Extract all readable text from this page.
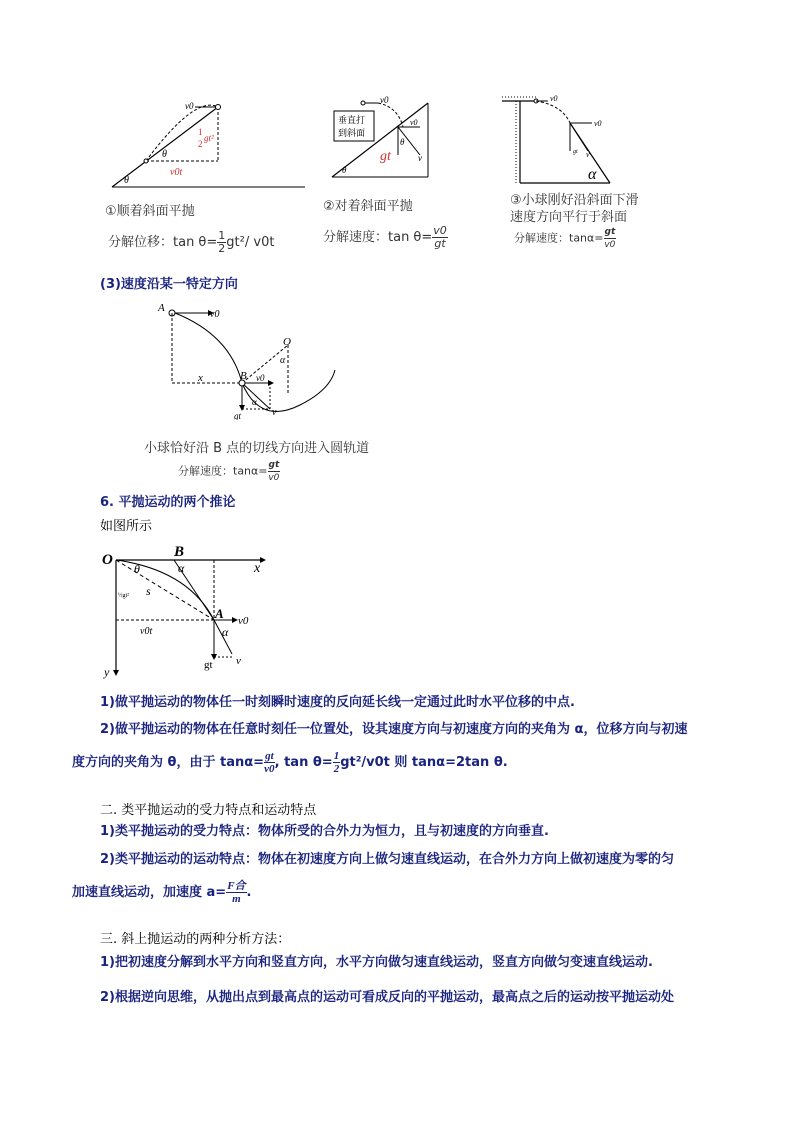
v0
1
2
gt²
θ
θ
v0t
①顺着斜面平抛
分解位移：$\tan \theta= \frac{1}{2} gt^2/$ v0t
垂直打
到斜面
v0
v0
gt
θ
v
θ
②对着斜面平抛
分解速度：$\tan \theta= \frac{v0}{gt}$
v0
v0
gt v
α
③小球刚好沿斜面下滑
速度方向平行于斜面
分解速度：$\tan\alpha= \frac{gt}{v0}$
(3)速度沿某一特定方向
A
v0
x	B
O
α
v0
α
gt	v
小球恰好沿 B 点的切线方向进入圆轨道
分解速度：$\tan\alpha= \frac{gt}{v0}$
6. 平抛运动的两个推论
如图所示
O	B
α
θ	x
½gt² s
A v0
α
v0t
gt v
y
1)做平抛运动的物体任一时刻瞬时速度的反向延长线一定通过此时水平位移的中点.
2)做平抛运动的物体在任意时刻任一位置处，设其速度方向与初速度方向的夹角为 α，位移方向与初速
度方向的夹角为 θ，由于 $\tan\alpha= \frac{gt}{v0}$ , $\tan \theta= \frac{1}{2} gt^2/v0t$ 则 tanα=2tan θ.
二. 类平抛运动的受力特点和运动特点
1)类平抛运动的受力特点：物体所受的合外力为恒力，且与初速度的方向垂直.
2)类平抛运动的运动特点：物体在初速度方向上做匀速直线运动，在合外力方向上做初速度为零的匀
加速直线运动，加速度 $a= \frac{\text{F合}}{m}$ .
三. 斜上抛运动的两种分析方法：
1)把初速度分解到水平方向和竖直方向，水平方向做匀速直线运动，竖直方向做匀变速直线运动.
2)根据逆向思维，从抛出点到最高点的运动可看成反向的平抛运动，最高点之后的运动按平抛运动处
